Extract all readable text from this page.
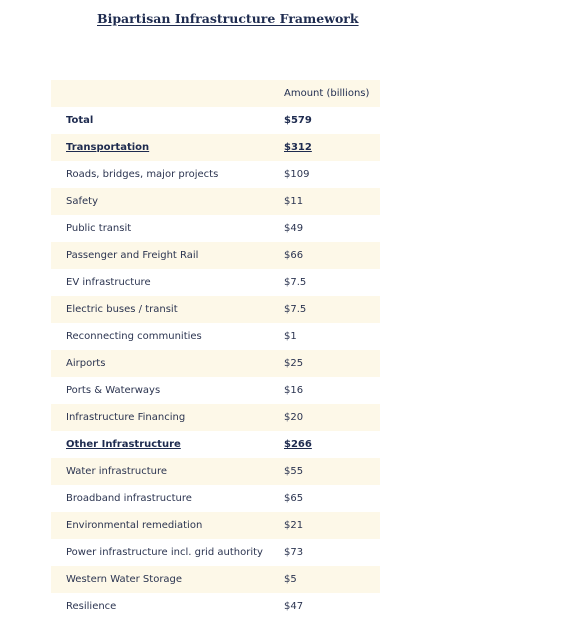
Bipartisan Infrastructure Framework
Amount (billions)
Total	$579
Transportation	$312
Roads, bridges, major projects	$109
Safety	$11
Public transit	$49
Passenger and Freight Rail	$66
EV infrastructure	$7.5
Electric buses / transit	$7.5
Reconnecting communities	$1
Airports	$25
Ports & Waterways	$16
Infrastructure Financing	$20
Other Infrastructure	$266
Water infrastructure	$55
Broadband infrastructure	$65
Environmental remediation	$21
Power infrastructure incl. grid authority	$73
Western Water Storage	$5
Resilience	$47
